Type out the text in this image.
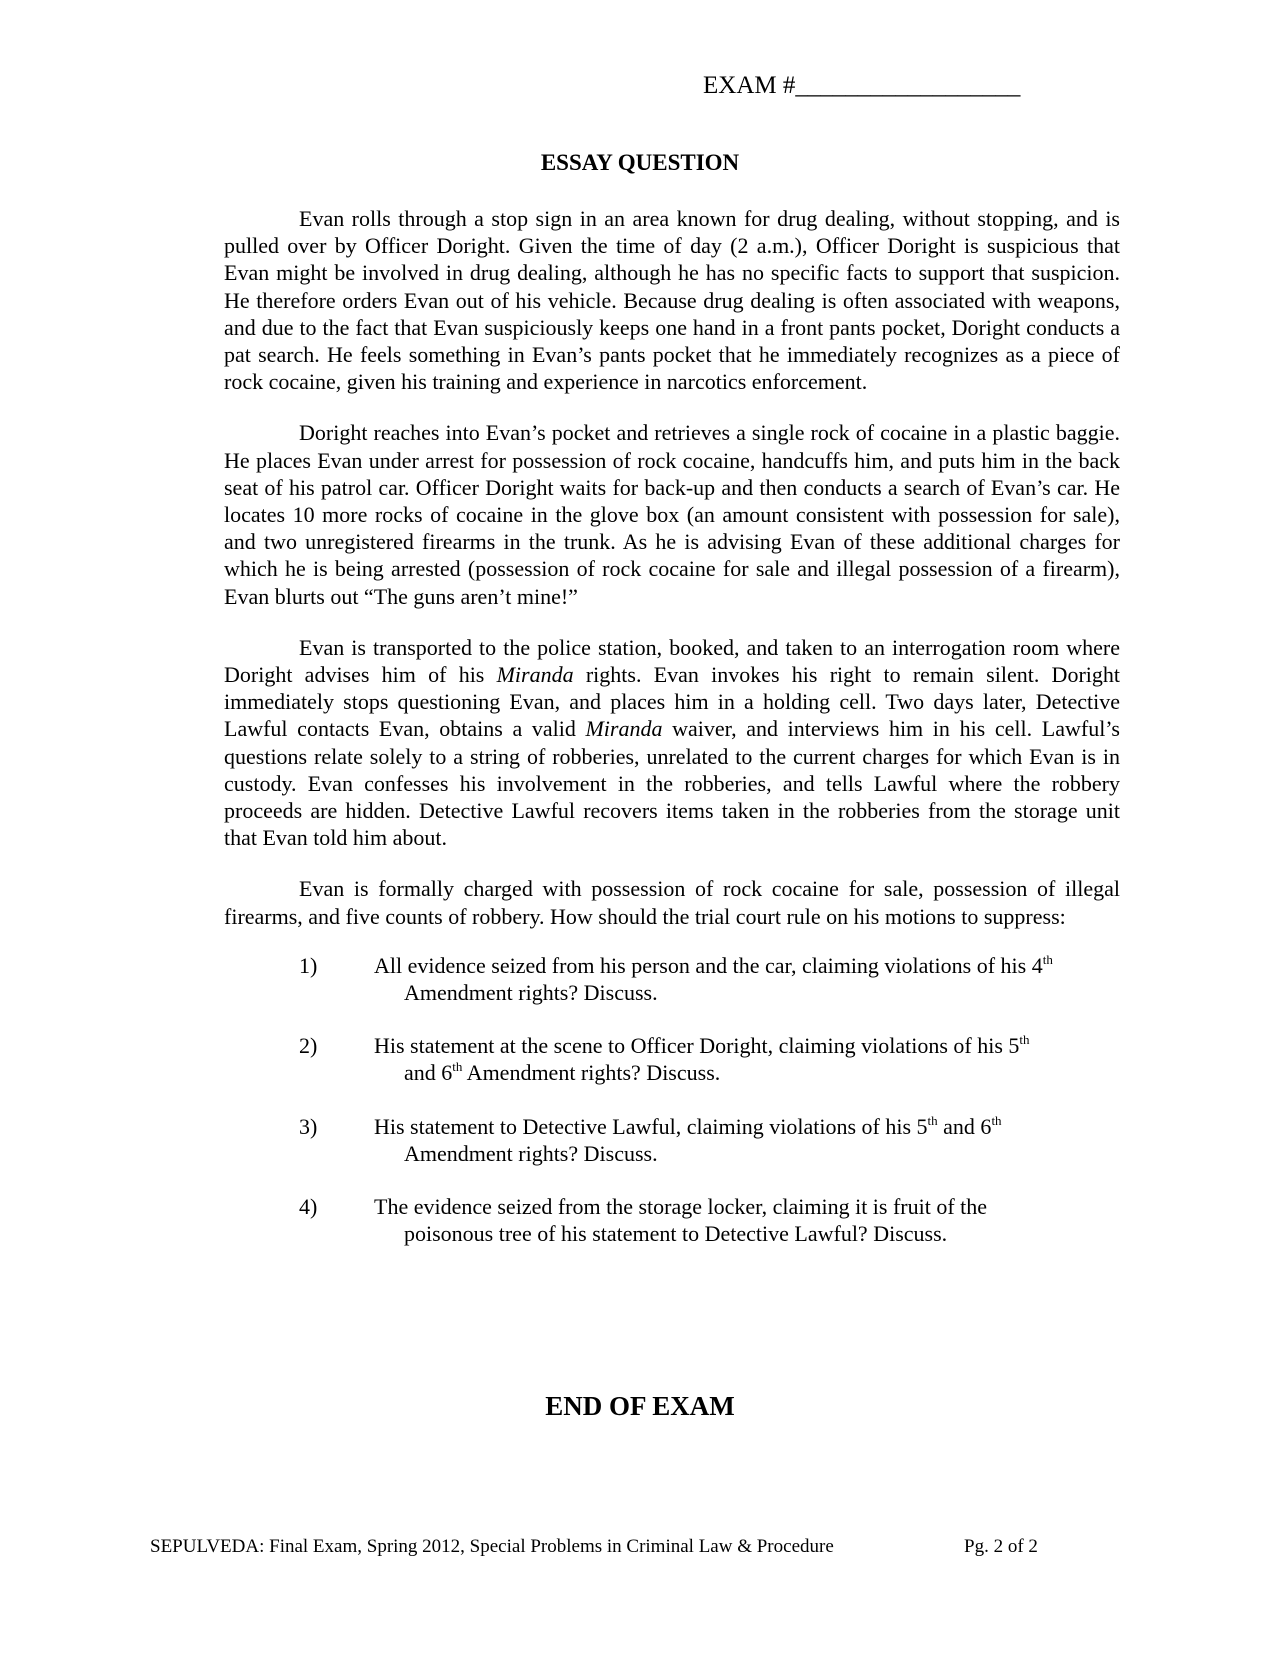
EXAM #__________________
ESSAY QUESTION

Evan rolls through a stop sign in an area known for drug dealing, without stopping, and is pulled over by Officer Doright. Given the time of day (2 a.m.), Officer Doright is suspicious that Evan might be involved in drug dealing, although he has no specific facts to support that suspicion. He therefore orders Evan out of his vehicle. Because drug dealing is often associated with weapons, and due to the fact that Evan suspiciously keeps one hand in a front pants pocket, Doright conducts a pat search. He feels something in Evan’s pants pocket that he immediately recognizes as a piece of rock cocaine, given his training and experience in narcotics enforcement.

Doright reaches into Evan’s pocket and retrieves a single rock of cocaine in a plastic baggie. He places Evan under arrest for possession of rock cocaine, handcuffs him, and puts him in the back seat of his patrol car. Officer Doright waits for back-up and then conducts a search of Evan’s car. He locates 10 more rocks of cocaine in the glove box (an amount consistent with possession for sale), and two unregistered firearms in the trunk. As he is advising Evan of these additional charges for which he is being arrested (possession of rock cocaine for sale and illegal possession of a firearm), Evan blurts out “The guns aren’t mine!”

Evan is transported to the police station, booked, and taken to an interrogation room where Doright advises him of his Miranda rights. Evan invokes his right to remain silent. Doright immediately stops questioning Evan, and places him in a holding cell. Two days later, Detective Lawful contacts Evan, obtains a valid Miranda waiver, and interviews him in his cell. Lawful’s questions relate solely to a string of robberies, unrelated to the current charges for which Evan is in custody. Evan confesses his involvement in the robberies, and tells Lawful where the robbery proceeds are hidden. Detective Lawful recovers items taken in the robberies from the storage unit that Evan told him about.

Evan is formally charged with possession of rock cocaine for sale, possession of illegal firearms, and five counts of robbery. How should the trial court rule on his motions to suppress:

1)	All evidence seized from his person and the car, claiming violations of his 4th
Amendment rights? Discuss.
2)	His statement at the scene to Officer Doright, claiming violations of his 5th
and 6th Amendment rights? Discuss.
3)	His statement to Detective Lawful, claiming violations of his 5th and 6th
Amendment rights? Discuss.
4)	The evidence seized from the storage locker, claiming it is fruit of the
poisonous tree of his statement to Detective Lawful? Discuss.
END OF EXAM
SEPULVEDA: Final Exam, Spring 2012, Special Problems in Criminal Law & Procedure	Pg. 2 of 2
